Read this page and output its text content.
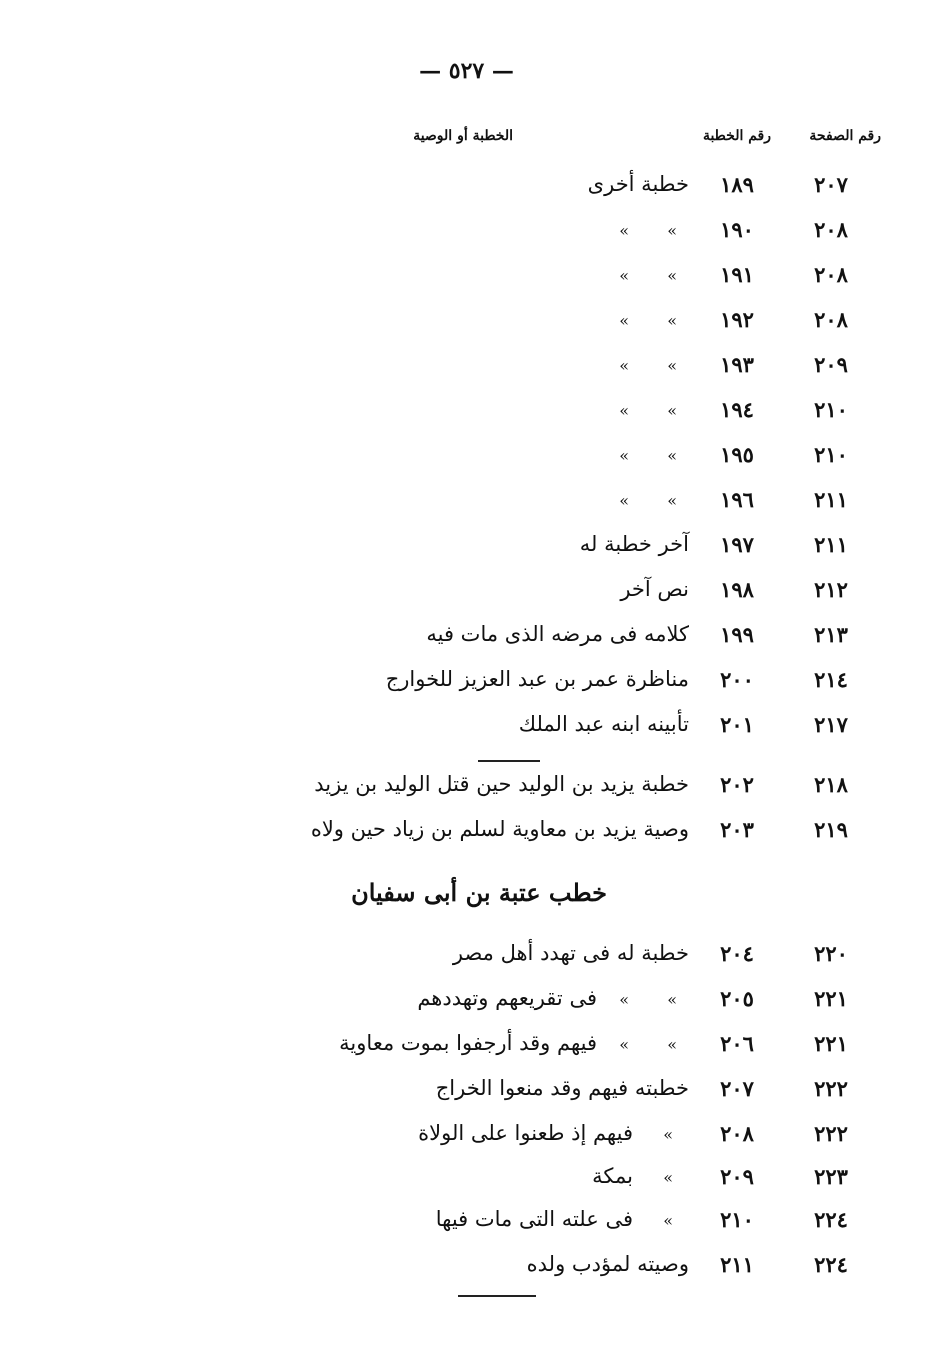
— ٥٢٧ —
رقم الصفحة
رقم الخطبة
الخطبة أو الوصية
٢٠٧
١٨٩
خطبة أخرى
٢٠٨
١٩٠
»
»
٢٠٨
١٩١
»
»
٢٠٨
١٩٢
»
»
٢٠٩
١٩٣
»
»
٢١٠
١٩٤
»
»
٢١٠
١٩٥
»
»
٢١١
١٩٦
»
»
٢١١
١٩٧
آخر خطبة له
٢١٢
١٩٨
نص آخر
٢١٣
١٩٩
كلامه فى مرضه الذى مات فيه
٢١٤
٢٠٠
مناظرة عمر بن عبد العزيز للخوارج
٢١٧
٢٠١
تأبينه ابنه عبد الملك
٢١٨
٢٠٢
خطبة يزيد بن الوليد حين قتل الوليد بن يزيد
٢١٩
٢٠٣
وصية يزيد بن معاوية لسلم بن زياد حين ولاه
٢٢٠
٢٠٤
خطبة له فى تهدد أهل مصر
٢٢١
٢٠٥
»
»
فى تقريعهم وتهددهم
٢٢١
٢٠٦
»
»
فيهم وقد أرجفوا بموت معاوية
٢٢٢
٢٠٧
خطبته فيهم وقد منعوا الخراج
٢٢٢
٢٠٨
»
فيهم إذ طعنوا على الولاة
٢٢٣
٢٠٩
»
بمكة
٢٢٤
٢١٠
»
فى علته التى مات فيها
٢٢٤
٢١١
وصيته لمؤدب ولده
خطب عتبة بن أبى سفيان
